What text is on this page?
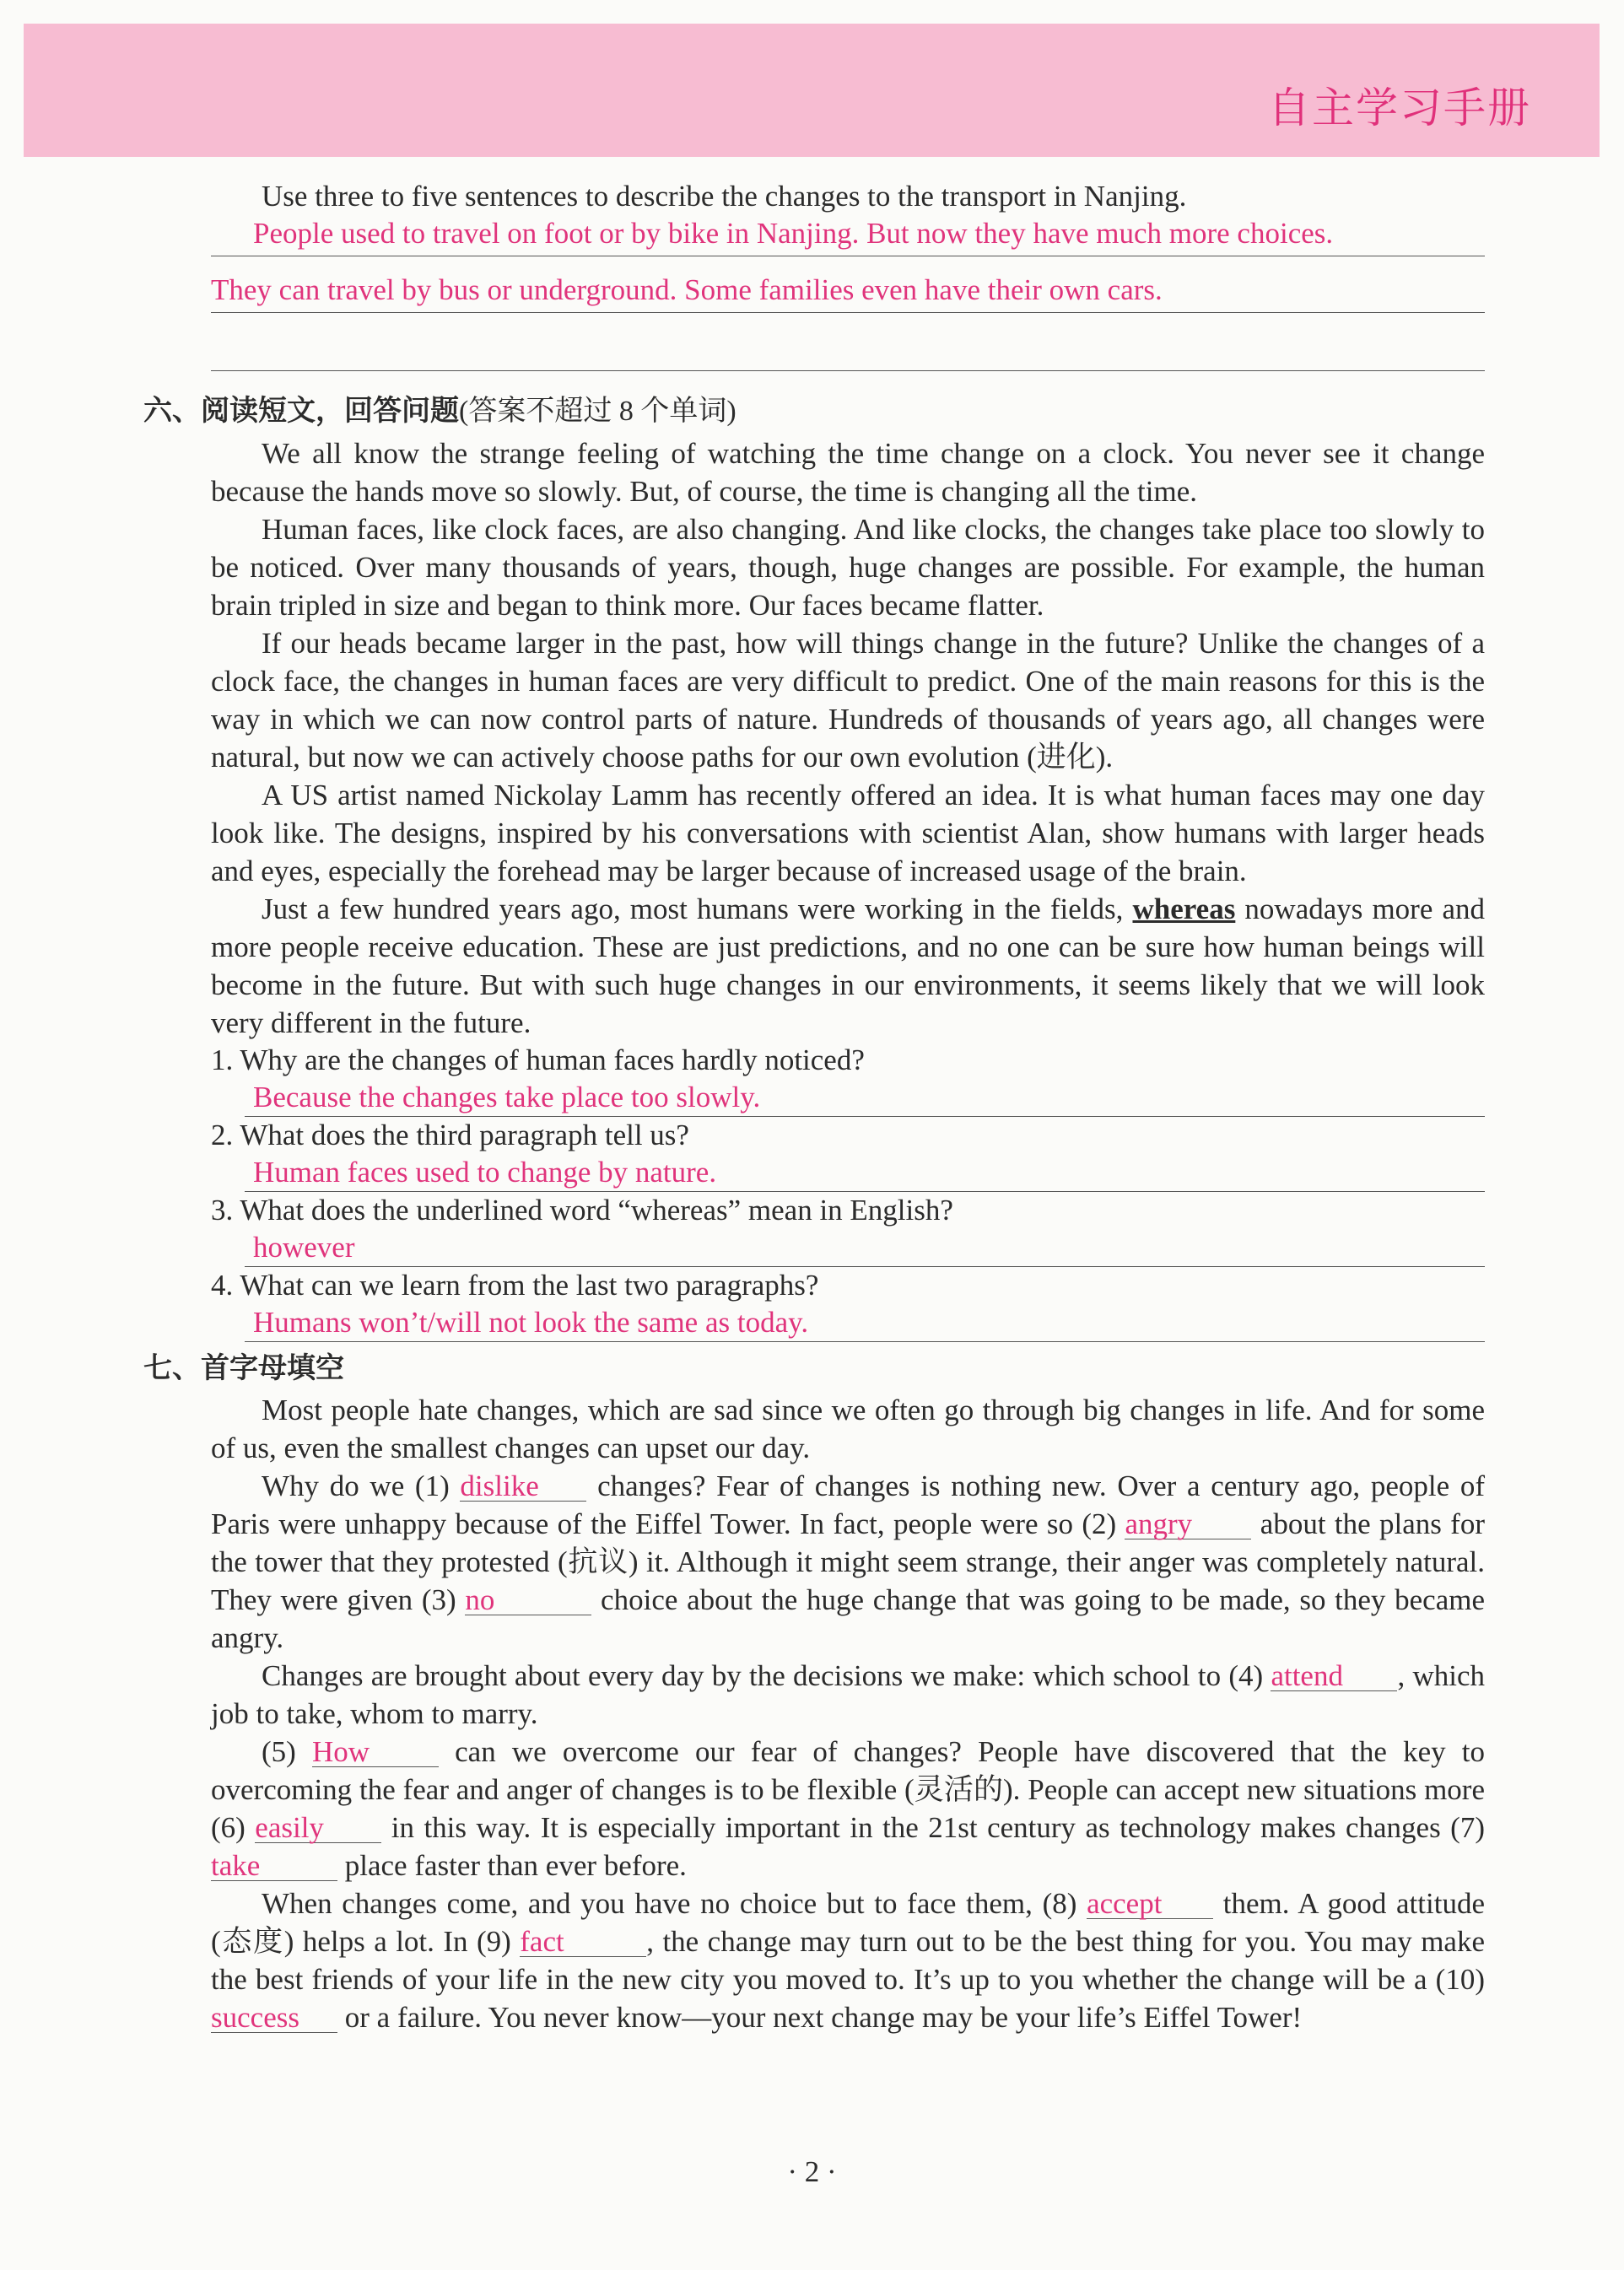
自主学习手册

Use three to five sentences to describe the changes to the transport in Nanjing.

People used to travel on foot or by bike in Nanjing. But now they have much more choices.
They can travel by bus or underground. Some families even have their own cars.
六、阅读短文，回答问题(答案不超过 8 个单词)

We all know the strange feeling of watching the time change on a clock. You never see it change because the hands move so slowly. But, of course, the time is changing all the time.

Human faces, like clock faces, are also changing. And like clocks, the changes take place too slowly to be noticed. Over many thousands of years, though, huge changes are possible. For example, the human brain tripled in size and began to think more. Our faces became flatter.

If our heads became larger in the past, how will things change in the future? Unlike the changes of a clock face, the changes in human faces are very difficult to predict. One of the main reasons for this is the way in which we can now control parts of nature. Hundreds of thousands of years ago, all changes were natural, but now we can actively choose paths for our own evolution (进化).

A US artist named Nickolay Lamm has recently offered an idea. It is what human faces may one day look like. The designs, inspired by his conversations with scientist Alan, show humans with larger heads and eyes, especially the forehead may be larger because of increased usage of the brain.

Just a few hundred years ago, most humans were working in the fields, whereas nowadays more and more people receive education. These are just predictions, and no one can be sure how human beings will become in the future. But with such huge changes in our environments, it seems likely that we will look very different in the future.

1. Why are the changes of human faces hardly noticed?

Because the changes take place too slowly.

2. What does the third paragraph tell us?

Human faces used to change by nature.

3. What does the underlined word “whereas” mean in English?

however

4. What can we learn from the last two paragraphs?

Humans won’t/will not look the same as today.
七、首字母填空

Most people hate changes, which are sad since we often go through big changes in life. And for some of us, even the smallest changes can upset our day.

Why do we (1) dislike changes? Fear of changes is nothing new. Over a century ago, people of Paris were unhappy because of the Eiffel Tower. In fact, people were so (2) angry about the plans for the tower that they protested (抗议) it. Although it might seem strange, their anger was completely natural. They were given (3) no	choice about the huge change that was going to be made, so they became angry.

Changes are brought about every day by the decisions we make: which school to (4) attend , which job to take, whom to marry.

(5) How can we overcome our fear of changes? People have discovered that the key to overcoming the fear and anger of changes is to be flexible (灵活的). People can accept new situations more (6) easily in this way. It is especially important in the 21st century as technology makes changes (7) take	place faster than ever before.

When changes come, and you have no choice but to face them, (8) accept them. A good attitude (态度) helps a lot. In (9) fact	, the change may turn out to be the best thing for you. You may make the best friends of your life in the new city you moved to. It’s up to you whether the change will be a (10) success or a failure. You never know—your next change may be your life’s Eiffel Tower!

· 2 ·
